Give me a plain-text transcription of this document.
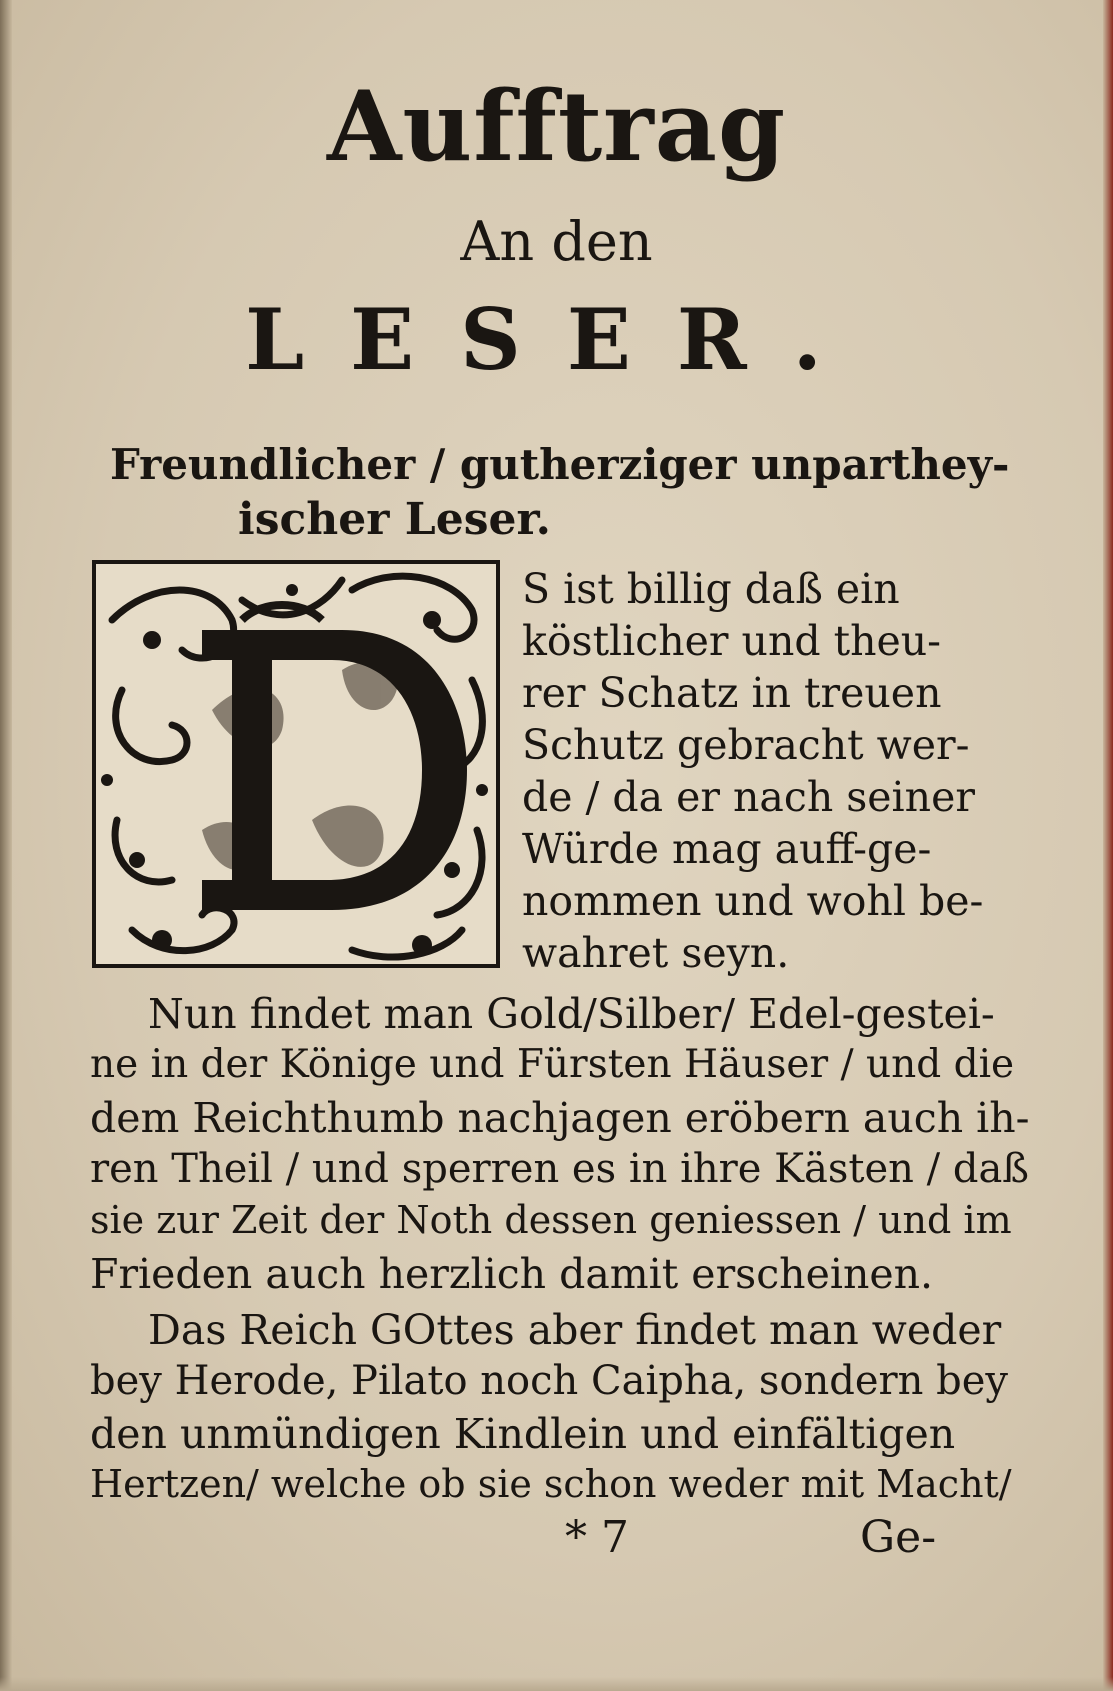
Aufftrag
An den
LESER.
Freundlicher / gutherziger unparthey-
ischer Leser.
S ist billig daß ein
köstlicher und theu-
rer Schatz in treuen
Schutz gebracht wer-
de / da er nach seiner
Würde mag auff-ge-
nommen und wohl be-
wahret seyn.
Nun findet man Gold/Silber/ Edel-gestei-
ne in der Könige und Fürsten Häuser / und die
dem Reichthumb nachjagen eröbern auch ih-
ren Theil / und sperren es in ihre Kästen / daß
sie zur Zeit der Noth dessen geniessen / und im
Frieden auch herzlich damit erscheinen.
Das Reich GOttes aber findet man weder
bey Herode, Pilato noch Caipha, sondern bey
den unmündigen Kindlein und einfältigen
Hertzen/ welche ob sie schon weder mit Macht/
* 7	Ge-
